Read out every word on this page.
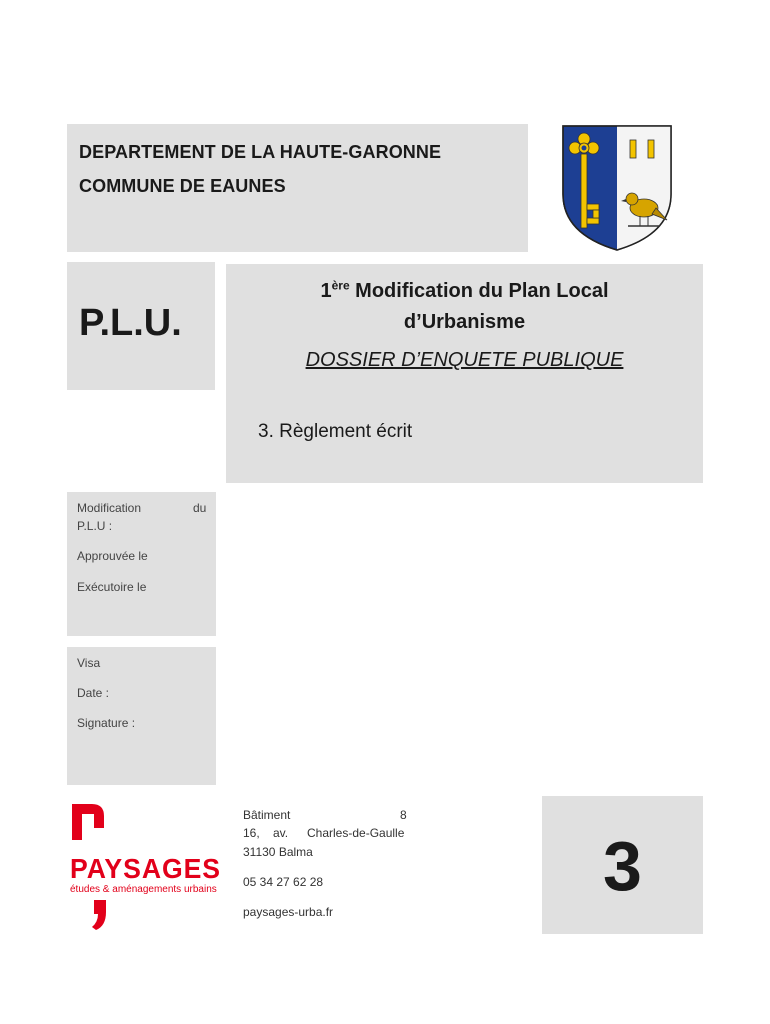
DEPARTEMENT DE LA HAUTE-GARONNE
COMMUNE DE EAUNES
P.L.U.
1ère Modification du Plan Local
d’Urbanisme
DOSSIER D’ENQUETE PUBLIQUE
3. Règlement écrit
Modification	du
P.L.U :
Approuvée le
Exécutoire le
Visa
Date :
Signature :
PAYSAGES
études & aménagements urbains
Bâtiment	8
16, av. Charles-de-Gaulle
31130 Balma
05 34 27 62 28
paysages-urba.fr
3
